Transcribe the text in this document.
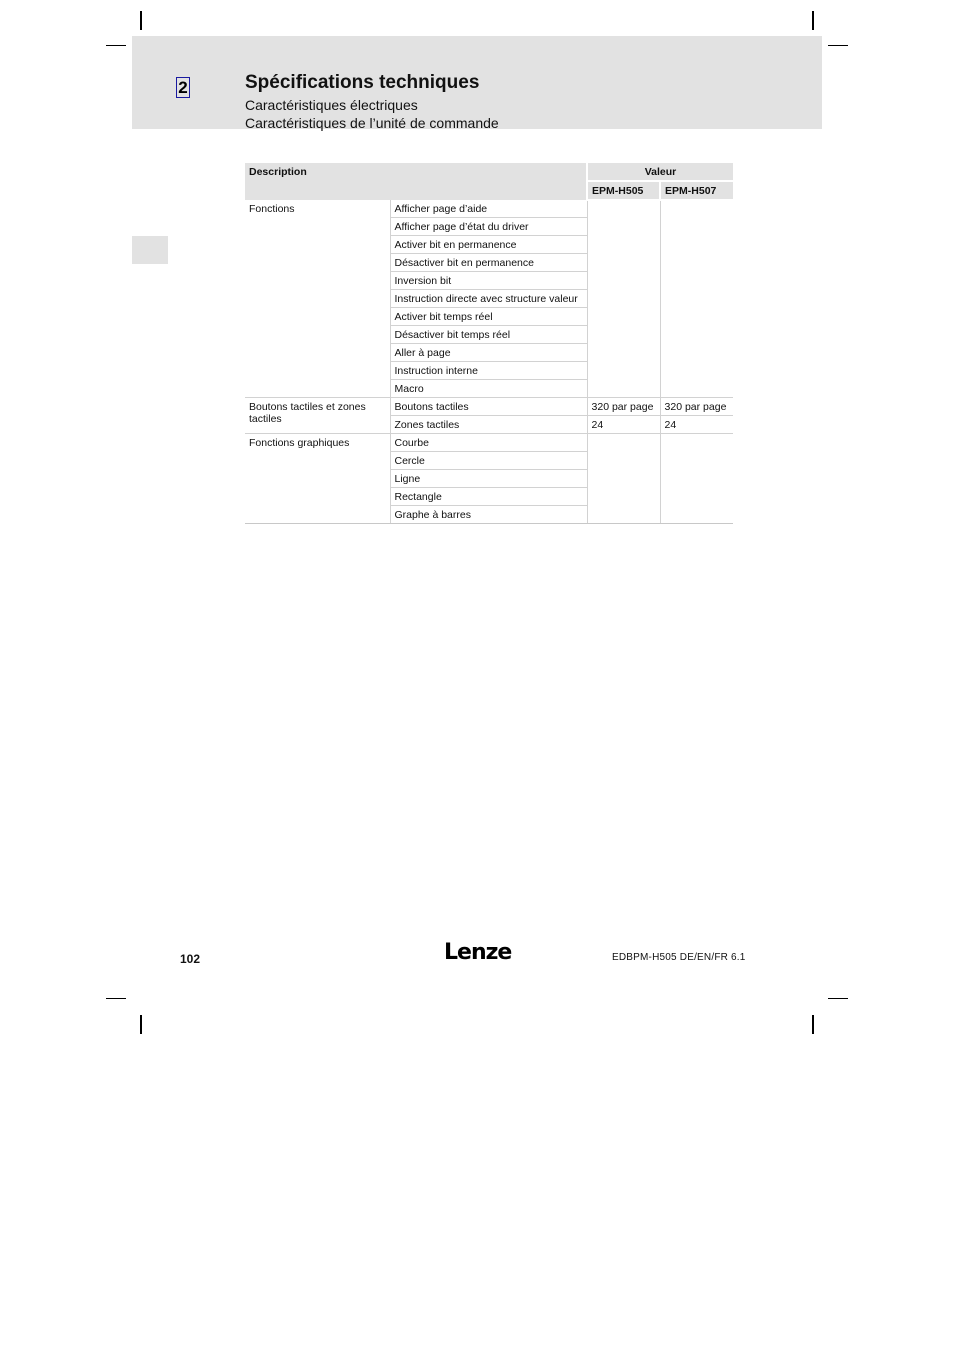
2	Spécifications techniques
Caractéristiques électriques
Caractéristiques de l’unité de commande
Description		Valeur	
		EPM-H505	EPM-H507
Fonctions	Afficher page d’aide		
	Afficher page d’état du driver		
	Activer bit en permanence		
	Désactiver bit en permanence		
	Inversion bit		
	Instruction directe avec structure valeur		
	Activer bit temps réel		
	Désactiver bit temps réel		
	Aller à page		
	Instruction interne		
	Macro		
Boutons tactiles et zones tactiles	Boutons tactiles	320 par page	320 par page
	Zones tactiles	24	24
Fonctions graphiques	Courbe		
	Cercle		
	Ligne		
	Rectangle		
	Graphe à barres		
102	Lenze	EDBPM-H505 DE/EN/FR 6.1
